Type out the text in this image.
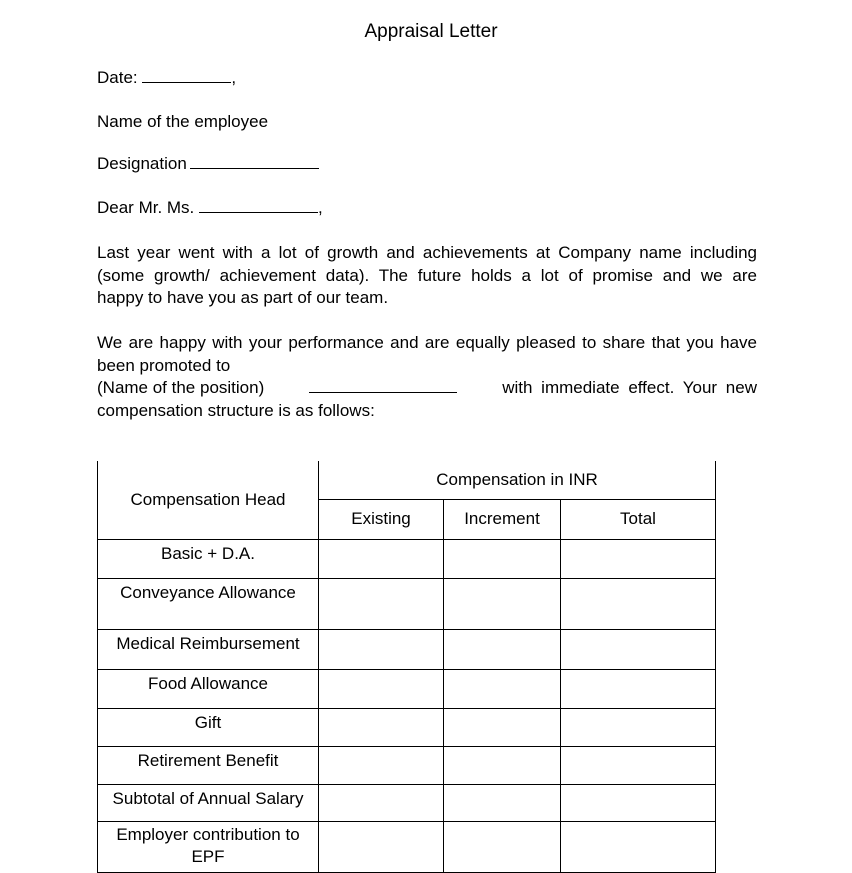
Appraisal Letter
Date:	,
Name of the employee
Designation
Dear Mr. Ms.	,
Last year went with a lot of growth and achievements at Company name including
(some growth/ achievement data). The future holds a lot of promise and we are
happy to have you as part of our team.
We are happy with your performance and are equally pleased to share that you have
been promoted to
(Name of the position)	with immediate effect. Your new
compensation structure is as follows:
Compensation Head	Compensation in INR		
	Existing	Increment	Total

Basic + D.A.			

Conveyance Allowance			

Medical Reimbursement			

Food Allowance			

Gift			

Retirement Benefit			

Subtotal of Annual Salary			

Employer contribution to EPF			
